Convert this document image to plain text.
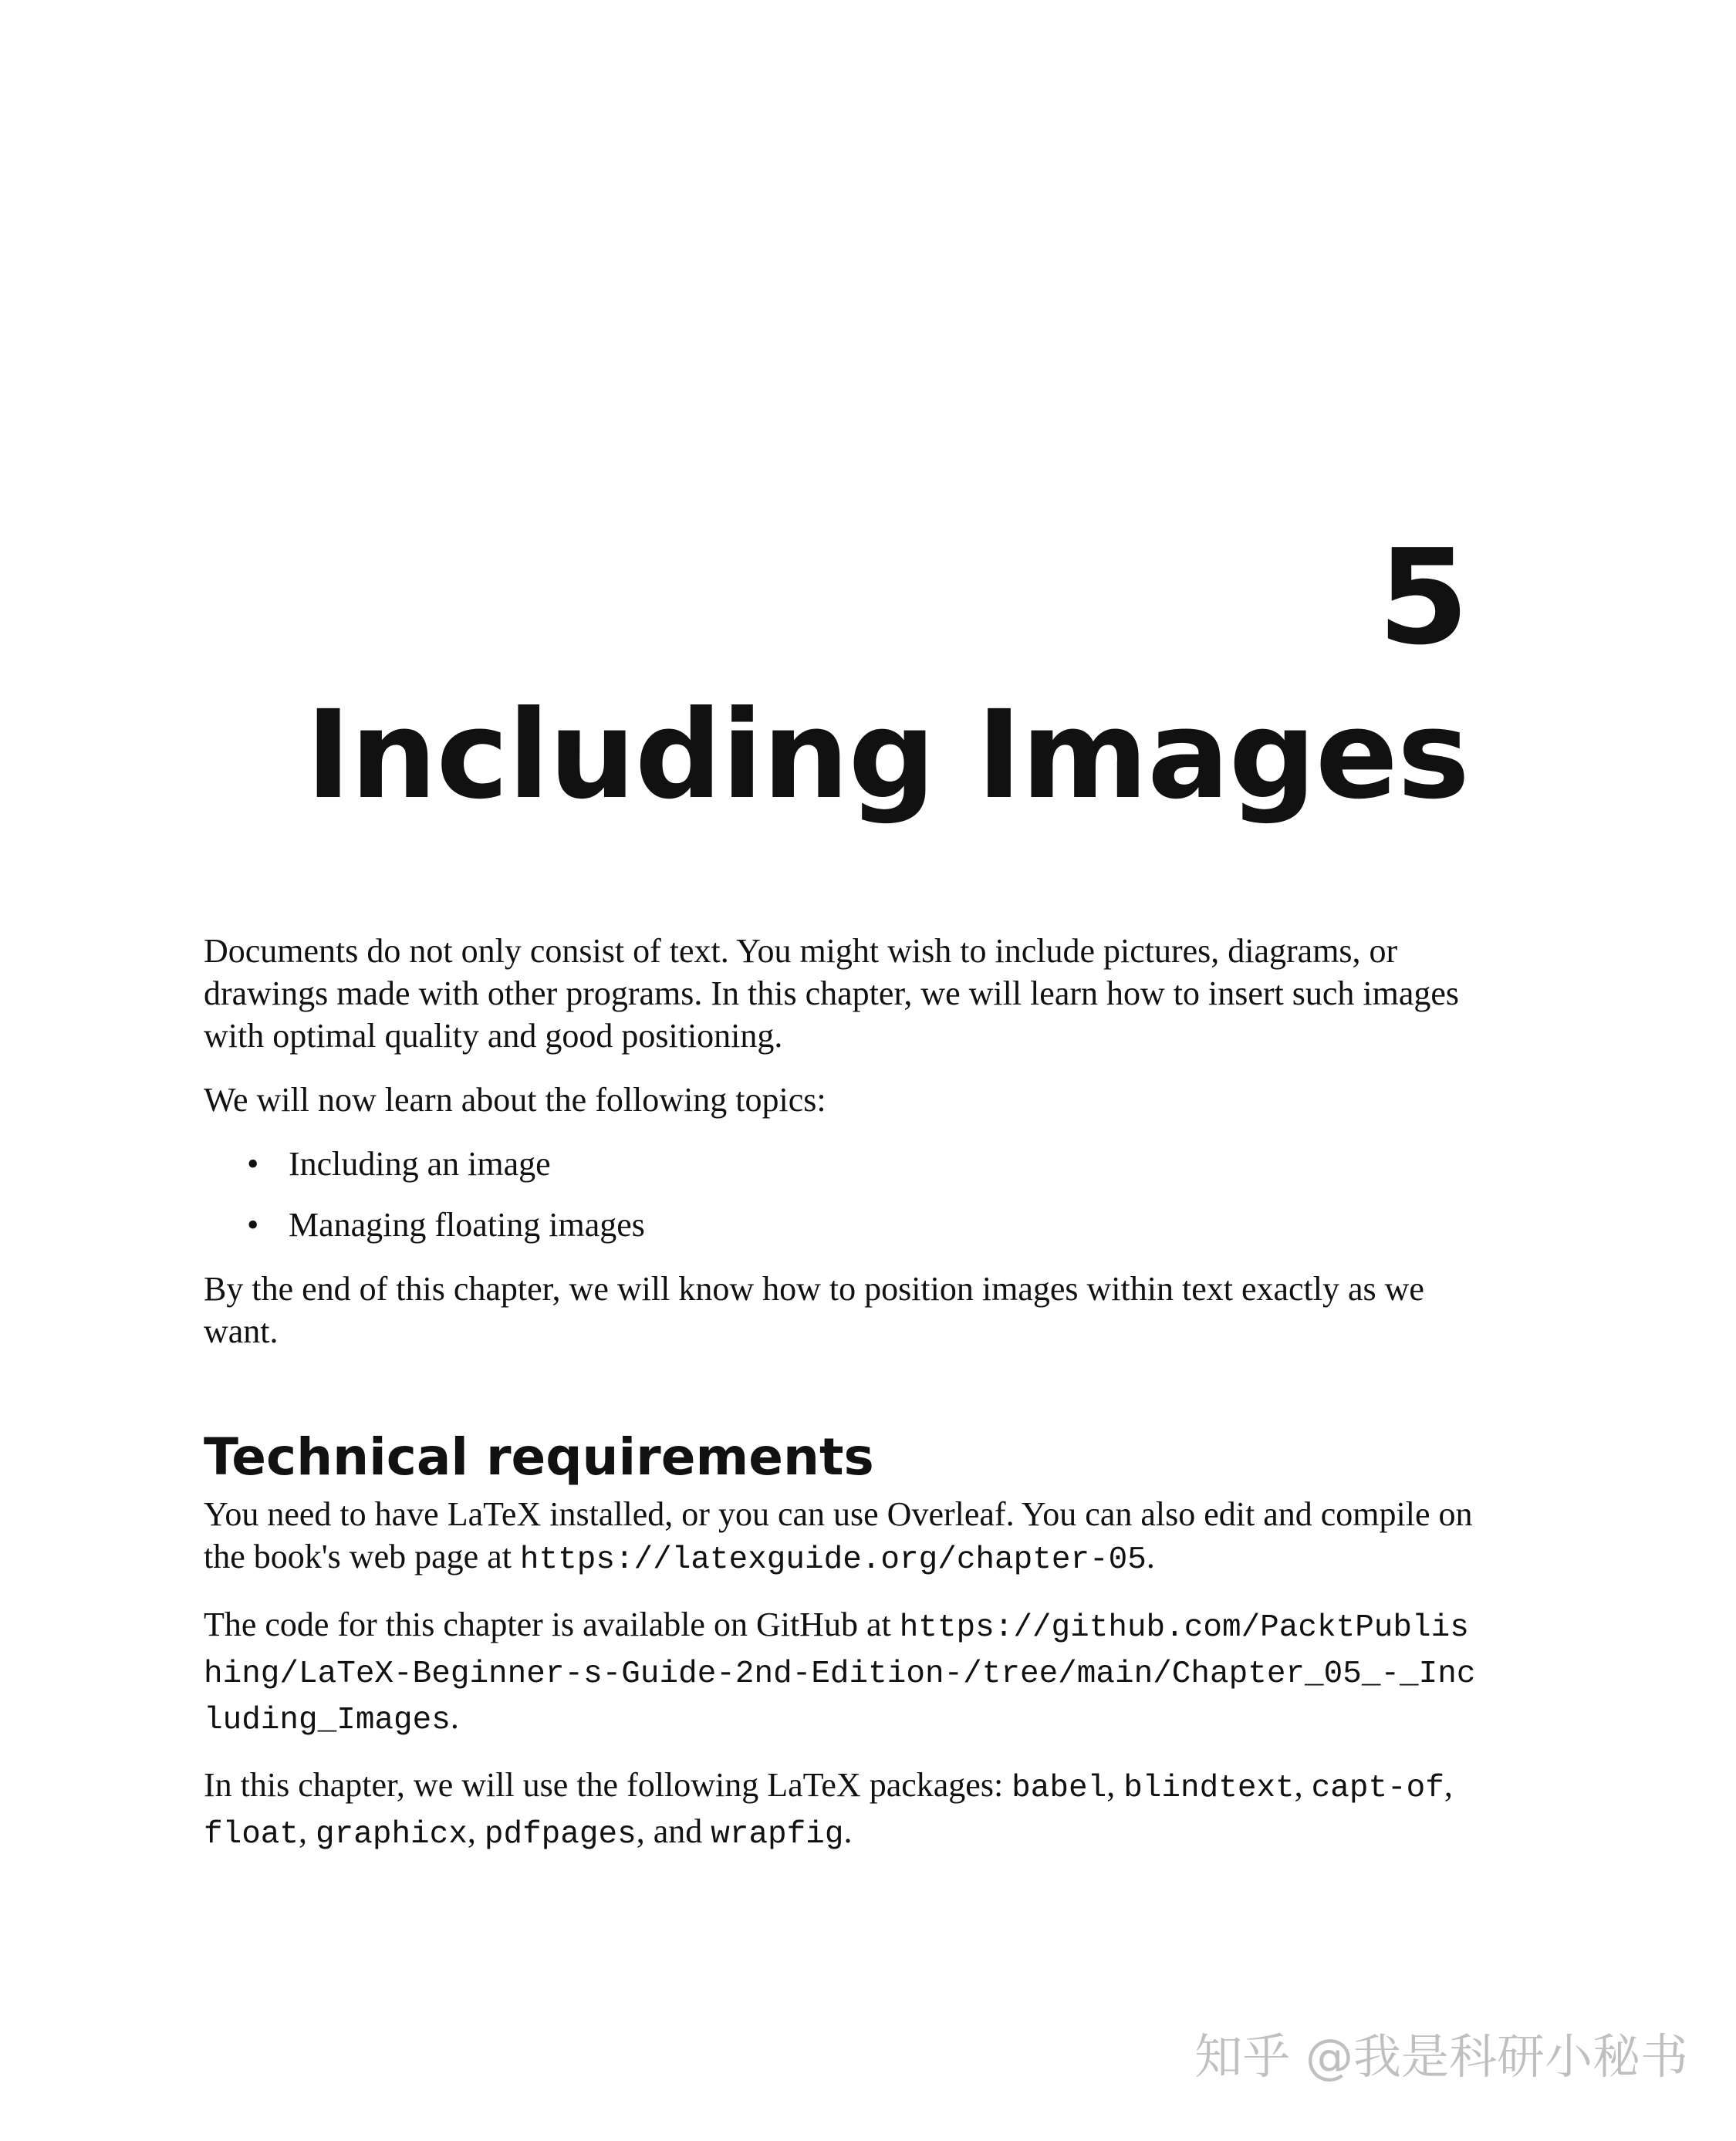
5
Including Images

Documents do not only consist of text. You might wish to include pictures, diagrams, or drawings made with other programs. In this chapter, we will learn how to insert such images with optimal quality and good positioning.

We will now learn about the following topics:

• Including an image
• Managing floating images

By the end of this chapter, we will know how to position images within text exactly as we want.

Technical requirements

You need to have LaTeX installed, or you can use Overleaf. You can also edit and compile on the book's web page at https://latexguide.org/chapter-05.

The code for this chapter is available on GitHub at https://github.com/PacktPublishing/LaTeX-Beginner-s-Guide-2nd-Edition-/tree/main/Chapter_05_-_Including_Images.

In this chapter, we will use the following LaTeX packages: babel, blindtext, capt-of, float, graphicx, pdfpages, and wrapfig.

知乎 @我是科研小秘书
